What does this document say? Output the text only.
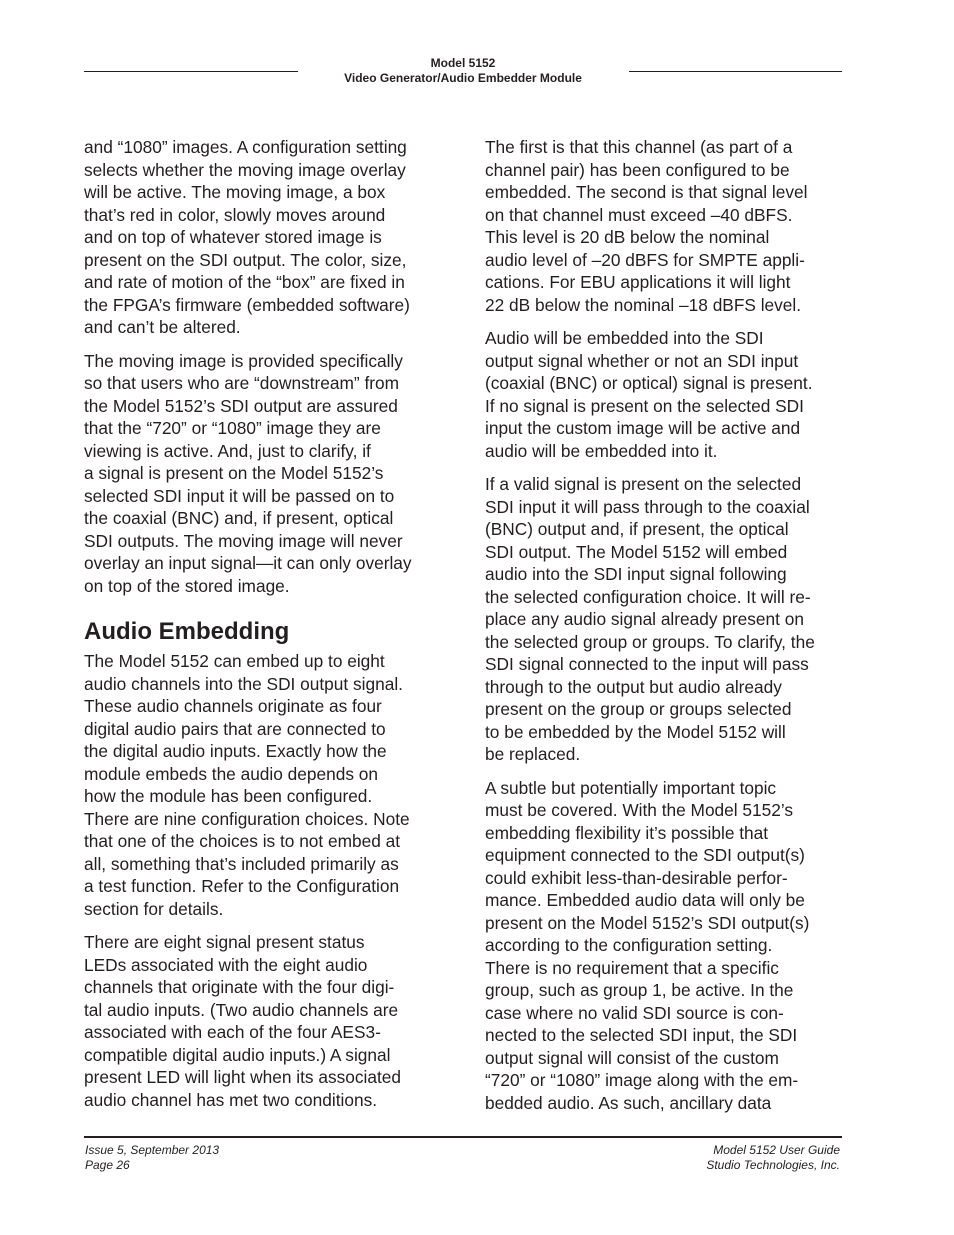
Model 5152
Video Generator/Audio Embedder Module

and “1080” images. A configuration setting
selects whether the moving image overlay
will be active. The moving image, a box
that’s red in color, slowly moves around
and on top of whatever stored image is
present on the SDI output. The color, size,
and rate of motion of the “box” are fixed in
the FPGA’s firmware (embedded software)
and can’t be altered.

The moving image is provided specifically
so that users who are “downstream” from
the Model 5152’s SDI output are assured
that the “720” or “1080” image they are
viewing is active. And, just to clarify, if
a signal is present on the Model 5152’s
selected SDI input it will be passed on to
the coaxial (BNC) and, if present, optical
SDI outputs. The moving image will never
overlay an input signal—it can only overlay
on top of the stored image.

Audio Embedding

The Model 5152 can embed up to eight
audio channels into the SDI output signal.
These audio channels originate as four
digital audio pairs that are connected to
the digital audio inputs. Exactly how the
module embeds the audio depends on
how the module has been configured.
There are nine configuration choices. Note
that one of the choices is to not embed at
all, something that’s included primarily as
a test function. Refer to the Configuration
section for details.

There are eight signal present status
LEDs associated with the eight audio
channels that originate with the four digi-
tal audio inputs. (Two audio channels are
associated with each of the four AES3-
compatible digital audio inputs.) A signal
present LED will light when its associated
audio channel has met two conditions.

The first is that this channel (as part of a
channel pair) has been configured to be
embedded. The second is that signal level
on that channel must exceed –40 dBFS.
This level is 20 dB below the nominal
audio level of –20 dBFS for SMPTE appli-
cations. For EBU applications it will light
22 dB below the nominal –18 dBFS level.

Audio will be embedded into the SDI
output signal whether or not an SDI input
(coaxial (BNC) or optical) signal is present.
If no signal is present on the selected SDI
input the custom image will be active and
audio will be embedded into it.

If a valid signal is present on the selected
SDI input it will pass through to the coaxial
(BNC) output and, if present, the optical
SDI output. The Model 5152 will embed
audio into the SDI input signal following
the selected configuration choice. It will re-
place any audio signal already present on
the selected group or groups. To clarify, the
SDI signal connected to the input will pass
through to the output but audio already
present on the group or groups selected
to be embedded by the Model 5152 will
be replaced.

A subtle but potentially important topic
must be covered. With the Model 5152’s
embedding flexibility it’s possible that
equipment connected to the SDI output(s)
could exhibit less-than-desirable perfor-
mance. Embedded audio data will only be
present on the Model 5152’s SDI output(s)
according to the configuration setting.
There is no requirement that a specific
group, such as group 1, be active. In the
case where no valid SDI source is con-
nected to the selected SDI input, the SDI
output signal will consist of the custom
“720” or “1080” image along with the em-
bedded audio. As such, ancillary data

Issue 5, September 2013
Page 26
Model 5152 User Guide
Studio Technologies, Inc.
